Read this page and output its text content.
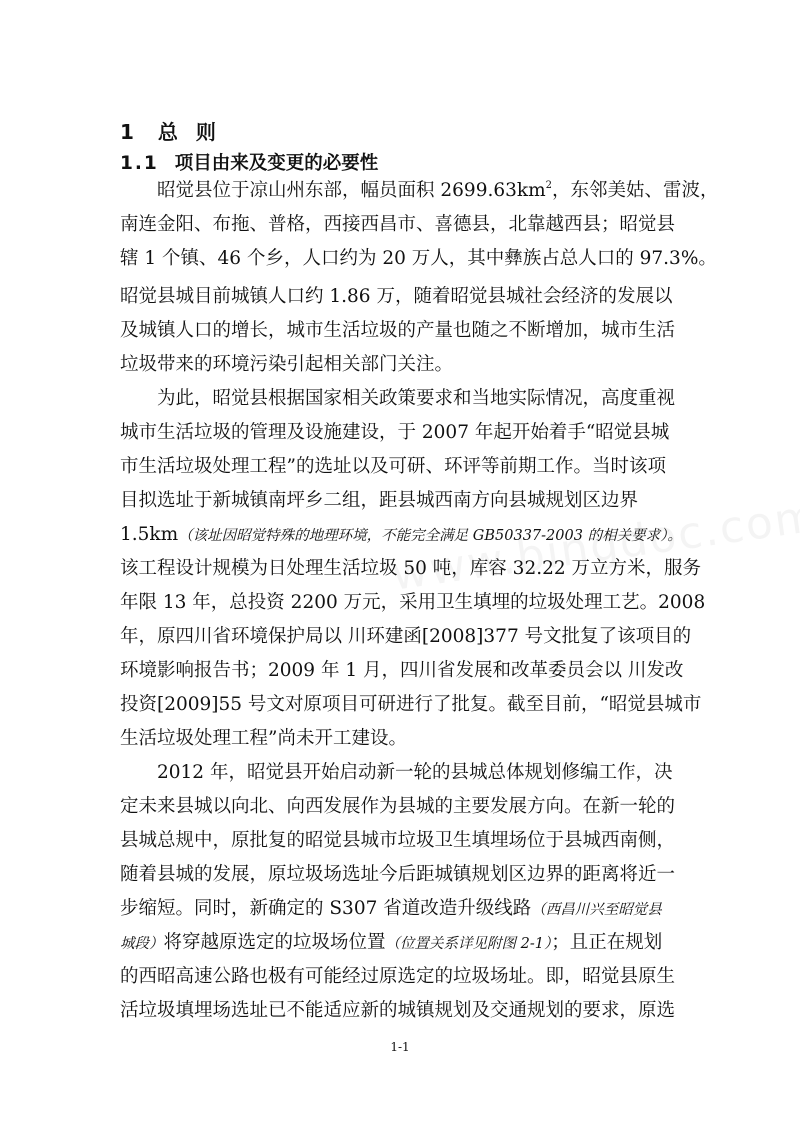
1 总则
1.1 项目由来及变更的必要性
昭觉县位于凉山州东部，幅员面积 $2699.63km^2$，东邻美姑、雷波，
南连金阳、布拖、普格，西接西昌市、喜德县，北靠越西县；昭觉县
辖 1 个镇、46 个乡，人口约为 20 万人，其中彝族占总人口的 97.3%。
昭觉县城目前城镇人口约 1.86 万，随着昭觉县城社会经济的发展以
及城镇人口的增长，城市生活垃圾的产量也随之不断增加，城市生活
垃圾带来的环境污染引起相关部门关注。
为此，昭觉县根据国家相关政策要求和当地实际情况，高度重视
城市生活垃圾的管理及设施建设，于 2007 年起开始着手“昭觉县城
市生活垃圾处理工程”的选址以及可研、环评等前期工作。当时该项
目拟选址于新城镇南坪乡二组，距县城西南方向县城规划区边界
1.5km（该址因昭觉特殊的地理环境，不能完全满足 GB50337-2003 的相关要求）。
该工程设计规模为日处理生活垃圾 50 吨，库容 32.22 万立方米，服务
年限 13 年，总投资 2200 万元，采用卫生填埋的垃圾处理工艺。2008
年，原四川省环境保护局以 川环建函[2008]377 号文批复了该项目的
环境影响报告书；2009 年 1 月，四川省发展和改革委员会以 川发改
投资[2009]55 号文对原项目可研进行了批复。截至目前，“昭觉县城市
生活垃圾处理工程”尚未开工建设。
2012 年，昭觉县开始启动新一轮的县城总体规划修编工作，决
定未来县城以向北、向西发展作为县城的主要发展方向。在新一轮的
县城总规中，原批复的昭觉县城市垃圾卫生填埋场位于县城西南侧，
随着县城的发展，原垃圾场选址今后距城镇规划区边界的距离将近一
步缩短。同时，新确定的 S307 省道改造升级线路（西昌川兴至昭觉县
城段）将穿越原选定的垃圾场位置（位置关系详见附图 2-1）；且正在规划
的西昭高速公路也极有可能经过原选定的垃圾场址。即，昭觉县原生
活垃圾填埋场选址已不能适应新的城镇规划及交通规划的要求，原选
1-1
